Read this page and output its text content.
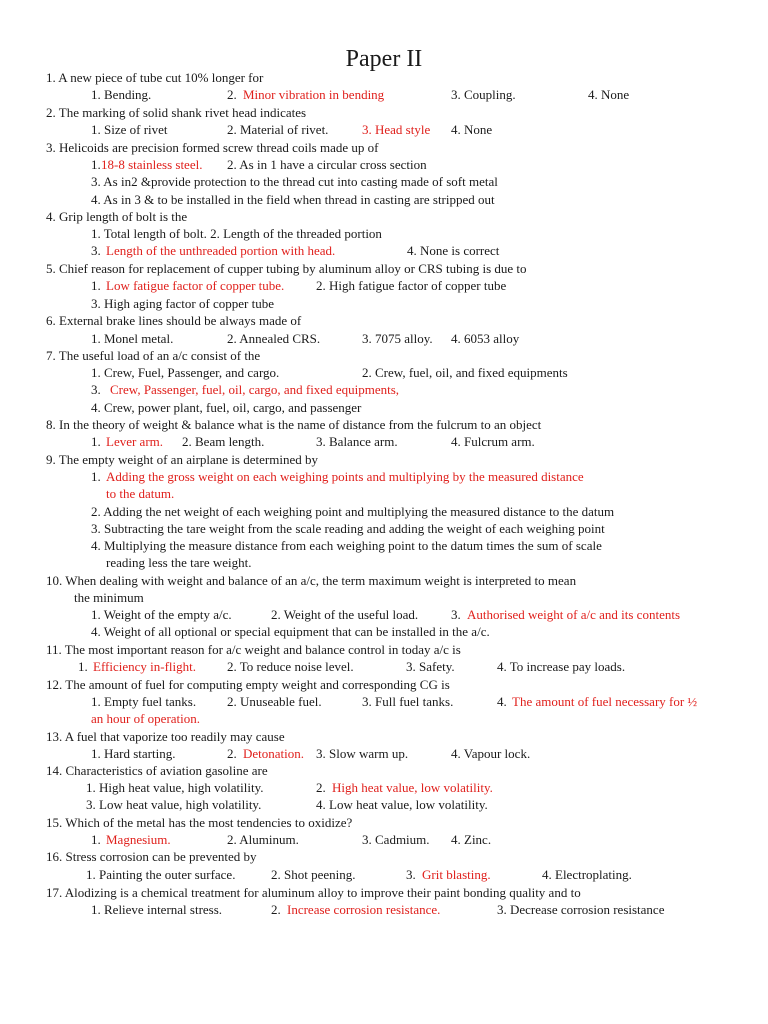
Paper II
1. A new piece of tube cut 10% longer for
1. Bending.	2. Minor vibration in bending	3. Coupling.	4. None
2. The marking of solid shank rivet head indicates
1. Size of rivet	2. Material of rivet.	3. Head style 4. None
3. Helicoids are precision formed screw thread coils made up of
1. 18-8 stainless steel. 2. As in 1 have a circular cross section
3. As in2 &provide protection to the thread cut into casting made of soft metal
4. As in 3 & to be installed in the field when thread in casting are stripped out
4. Grip length of bolt is the
1. Total length of bolt. 2. Length of the threaded portion
3. Length of the unthreaded portion with head.	4. None is correct
5. Chief reason for replacement of cupper tubing by aluminum alloy or CRS tubing is due to
1. Low fatigue factor of copper tube. 2. High fatigue factor of copper tube
3. High aging factor of copper tube
6. External brake lines should be always made of
1. Monel metal.	2. Annealed CRS.	3. 7075 alloy. 4. 6053 alloy
7. The useful load of an a/c consist of the
1. Crew, Fuel, Passenger, and cargo.	2. Crew, fuel, oil, and fixed equipments
3. Crew, Passenger, fuel, oil, cargo, and fixed equipments,
4. Crew, power plant, fuel, oil, cargo, and passenger
8. In the theory of weight & balance what is the name of distance from the fulcrum to an object
1. Lever arm. 2. Beam length.	3. Balance arm.	4. Fulcrum arm.
9. The empty weight of an airplane is determined by
1. Adding the gross weight on each weighing points and multiplying by the measured distance
to the datum.
2. Adding the net weight of each weighing point and multiplying the measured distance to the datum
3. Subtracting the tare weight from the scale reading and adding the weight of each weighing point
4. Multiplying the measure distance from each weighing point to the datum times the sum of scale
reading less the tare weight.
10. When dealing with weight and balance of an a/c, the term maximum weight is interpreted to mean
the minimum
1. Weight of the empty a/c.	2. Weight of the useful load.	3. Authorised weight of a/c and its contents
4. Weight of all optional or special equipment that can be installed in the a/c.
11. The most important reason for a/c weight and balance control in today a/c is
1. Efficiency in-flight. 2. To reduce noise level.	3. Safety.	4. To increase pay loads.
12. The amount of fuel for computing empty weight and corresponding CG is
1. Empty fuel tanks. 2. Unuseable fuel.	3. Full fuel tanks.	4. The amount of fuel necessary for ½
an hour of operation.
13. A fuel that vaporize too readily may cause
1. Hard starting.	2. Detonation. 3. Slow warm up.	4. Vapour lock.
14. Characteristics of aviation gasoline are
1. High heat value, high volatility.	2. High heat value, low volatility.
3. Low heat value, high volatility.	4. Low heat value, low volatility.
15. Which of the metal has the most tendencies to oxidize?
1. Magnesium.	2. Aluminum.	3. Cadmium. 4. Zinc.
16. Stress corrosion can be prevented by
1. Painting the outer surface.	2. Shot peening.	3. Grit blasting.	4. Electroplating.
17. Alodizing is a chemical treatment for aluminum alloy to improve their paint bonding quality and to
1. Relieve internal stress.	2. Increase corrosion resistance.	3. Decrease corrosion resistance
